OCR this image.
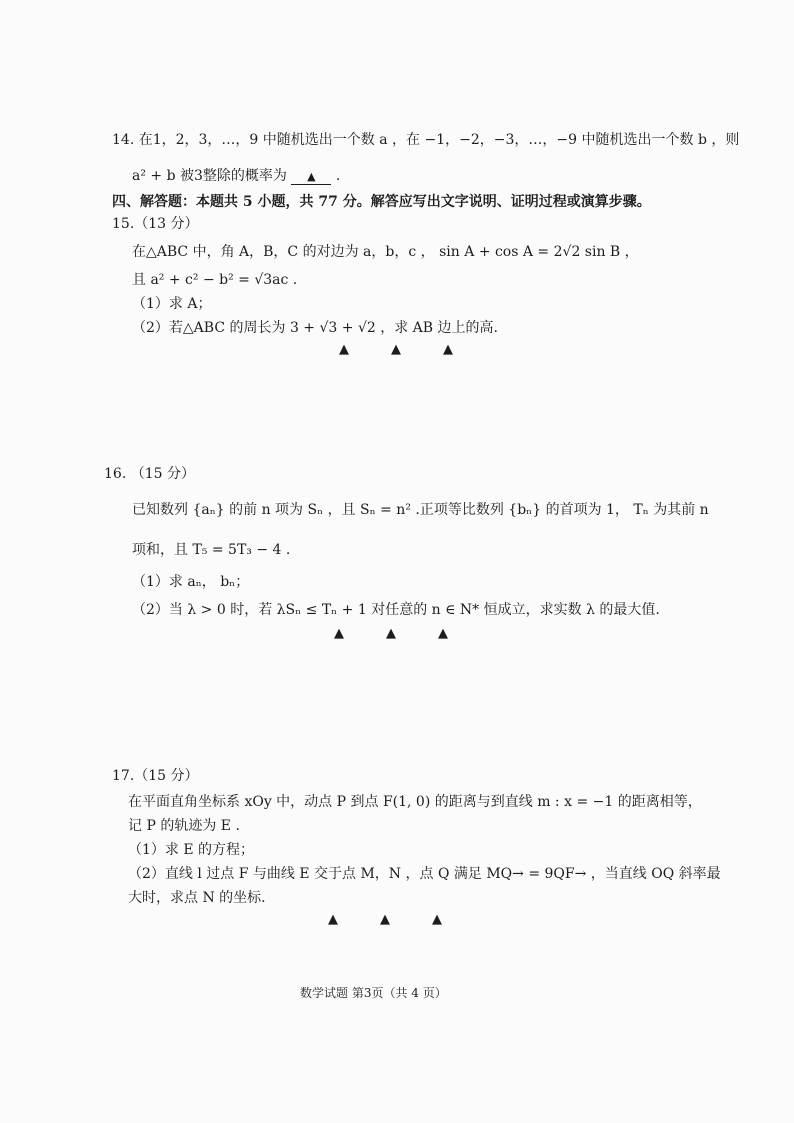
14. 在1，2，3，…，9 中随机选出一个数 a ，在 −1，−2，−3，…，−9 中随机选出一个数 b ，则
a² + b 被3整除的概率为 ▲ .
四、解答题：本题共 5 小题，共 77 分。解答应写出文字说明、证明过程或演算步骤。
15.（13 分）
在△ABC 中，角 A，B，C 的对边为 a，b，c ， sin A + cos A = 2√2 sin B ，
且 a² + c² − b² = √3ac .
（1）求 A；
（2）若△ABC 的周长为 3 + √3 + √2 ，求 AB 边上的高.
▲	▲	▲
16. （15 分）
已知数列 {aₙ} 的前 n 项为 Sₙ ，且 Sₙ = n² .正项等比数列 {bₙ} 的首项为 1， Tₙ 为其前 n
项和，且 T₅ = 5T₃ − 4 .
（1）求 aₙ， bₙ；
（2）当 λ > 0 时，若 λSₙ ≤ Tₙ + 1 对任意的 n ∈ N* 恒成立，求实数 λ 的最大值.
▲	▲	▲
17.（15 分）
在平面直角坐标系 xOy 中，动点 P 到点 F(1, 0) 的距离与到直线 m : x = −1 的距离相等，
记 P 的轨迹为 E .
（1）求 E 的方程；
（2）直线 l 过点 F 与曲线 E 交于点 M，N ，点 Q 满足 MQ→ = 9QF→ ，当直线 OQ 斜率最
大时，求点 N 的坐标.
▲	▲	▲
数学试题 第3页（共 4 页）
